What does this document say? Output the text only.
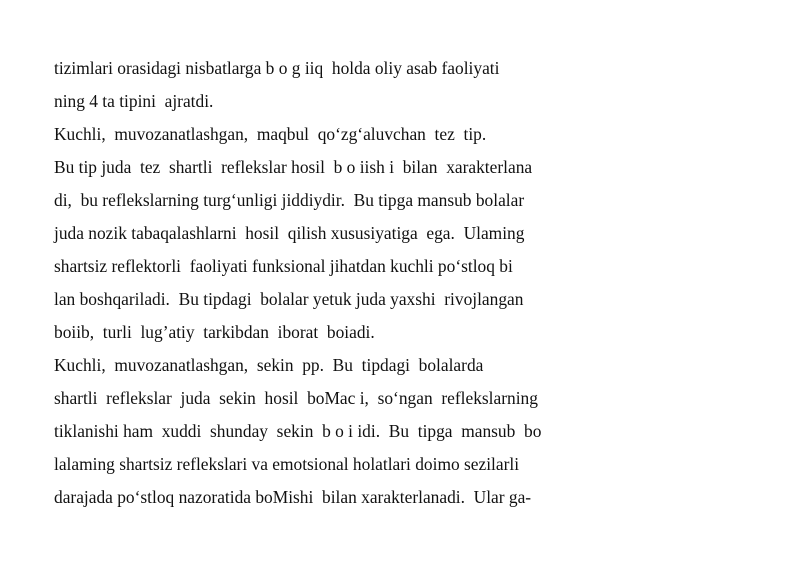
tizimlari orasidagi nisbatlarga b o g iiq  holda oliy asab faoliyati
ning 4 ta tipini  ajratdi.
Kuchli,  muvozanatlashgan,  maqbul  qo‘zg‘aluvchan  tez  tip.
Bu tip juda  tez  shartli  reflekslar hosil  b o iish i  bilan  xarakterlana
di,  bu reflekslarning turg‘unligi jiddiydir.  Bu tipga mansub bolalar
juda nozik tabaqalashlarni  hosil  qilish xususiyatiga  ega.  Ulaming
shartsiz reflektorli  faoliyati funksional jihatdan kuchli po‘stloq bi
lan boshqariladi.  Bu tipdagi  bolalar yetuk juda yaxshi  rivojlangan
boiib,  turli  lug’atiy  tarkibdan  iborat  boiadi.
Kuchli,  muvozanatlashgan,  sekin  pp.  Bu  tipdagi  bolalarda
shartli  reflekslar  juda  sekin  hosil  boMac i,  so‘ngan  reflekslarning
tiklanishi ham  xuddi  shunday  sekin  b o i idi.  Bu  tipga  mansub  bo
lalaming shartsiz reflekslari va emotsional holatlari doimo sezilarli
darajada po‘stloq nazoratida boMishi  bilan xarakterlanadi.  Ular ga-
